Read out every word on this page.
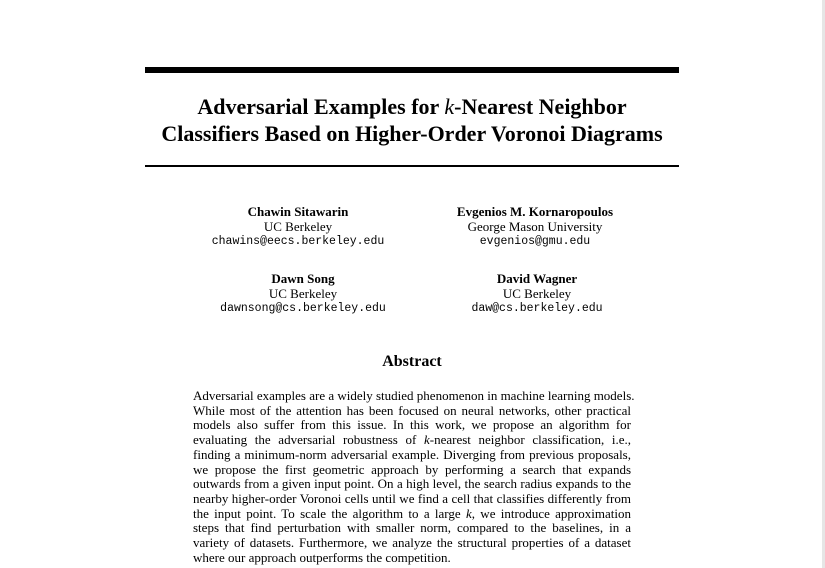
Adversarial Examples for k-Nearest Neighbor
Classifiers Based on Higher-Order Voronoi Diagrams
Chawin Sitawarin
UC Berkeley
chawins@eecs.berkeley.edu
Evgenios M. Kornaropoulos
George Mason University
evgenios@gmu.edu
Dawn Song
UC Berkeley
dawnsong@cs.berkeley.edu
David Wagner
UC Berkeley
daw@cs.berkeley.edu
Abstract
Adversarial examples are a widely studied phenomenon in machine learning models.
While most of the attention has been focused on neural networks, other practical
models also suffer from this issue. In this work, we propose an algorithm for
evaluating the adversarial robustness of k-nearest neighbor classification, i.e.,
finding a minimum-norm adversarial example. Diverging from previous proposals,
we propose the first geometric approach by performing a search that expands
outwards from a given input point. On a high level, the search radius expands to the
nearby higher-order Voronoi cells until we find a cell that classifies differently from
the input point. To scale the algorithm to a large k, we introduce approximation
steps that find perturbation with smaller norm, compared to the baselines, in a
variety of datasets. Furthermore, we analyze the structural properties of a dataset
where our approach outperforms the competition.
